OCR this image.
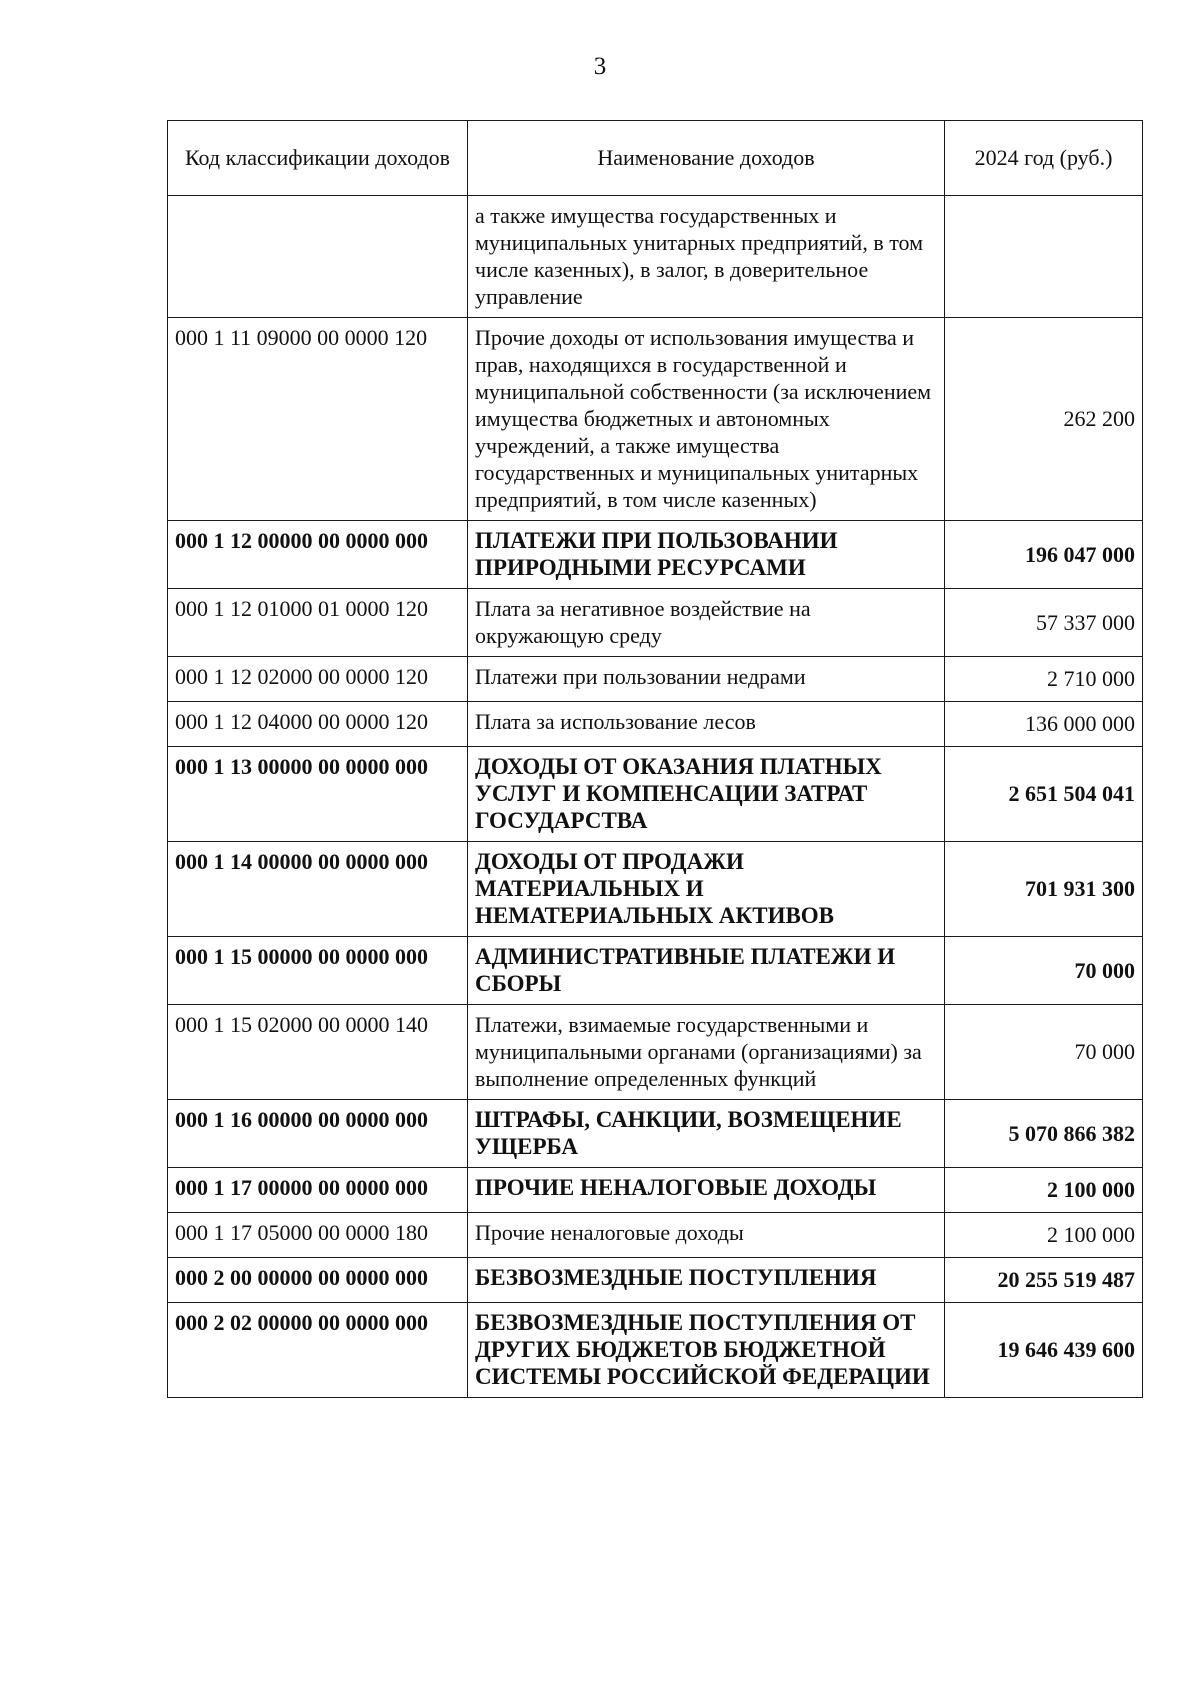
3
Код классификации доходов	Наименование доходов	2024 год (руб.)
	а также имущества государственных и муниципальных унитарных предприятий, в том числе казенных), в залог, в доверительное управление	
000 1 11 09000 00 0000 120	Прочие доходы от использования имущества и прав, находящихся в государственной и муниципальной собственности (за исключением имущества бюджетных и автономных учреждений, а также имущества государственных и муниципальных унитарных предприятий, в том числе казенных)	262 200
000 1 12 00000 00 0000 000	ПЛАТЕЖИ ПРИ ПОЛЬЗОВАНИИ ПРИРОДНЫМИ РЕСУРСАМИ	196 047 000
000 1 12 01000 01 0000 120	Плата за негативное воздействие на окружающую среду	57 337 000
000 1 12 02000 00 0000 120	Платежи при пользовании недрами	2 710 000
000 1 12 04000 00 0000 120	Плата за использование лесов	136 000 000
000 1 13 00000 00 0000 000	ДОХОДЫ ОТ ОКАЗАНИЯ ПЛАТНЫХ УСЛУГ И КОМПЕНСАЦИИ ЗАТРАТ ГОСУДАРСТВА	2 651 504 041
000 1 14 00000 00 0000 000	ДОХОДЫ ОТ ПРОДАЖИ МАТЕРИАЛЬНЫХ И НЕМАТЕРИАЛЬНЫХ АКТИВОВ	701 931 300
000 1 15 00000 00 0000 000	АДМИНИСТРАТИВНЫЕ ПЛАТЕЖИ И СБОРЫ	70 000
000 1 15 02000 00 0000 140	Платежи, взимаемые государственными и муниципальными органами (организациями) за выполнение определенных функций	70 000
000 1 16 00000 00 0000 000	ШТРАФЫ, САНКЦИИ, ВОЗМЕЩЕНИЕ УЩЕРБА	5 070 866 382
000 1 17 00000 00 0000 000	ПРОЧИЕ НЕНАЛОГОВЫЕ ДОХОДЫ	2 100 000
000 1 17 05000 00 0000 180	Прочие неналоговые доходы	2 100 000
000 2 00 00000 00 0000 000	БЕЗВОЗМЕЗДНЫЕ ПОСТУПЛЕНИЯ	20 255 519 487
000 2 02 00000 00 0000 000	БЕЗВОЗМЕЗДНЫЕ ПОСТУПЛЕНИЯ ОТ ДРУГИХ БЮДЖЕТОВ БЮДЖЕТНОЙ СИСТЕМЫ РОССИЙСКОЙ ФЕДЕРАЦИИ	19 646 439 600
